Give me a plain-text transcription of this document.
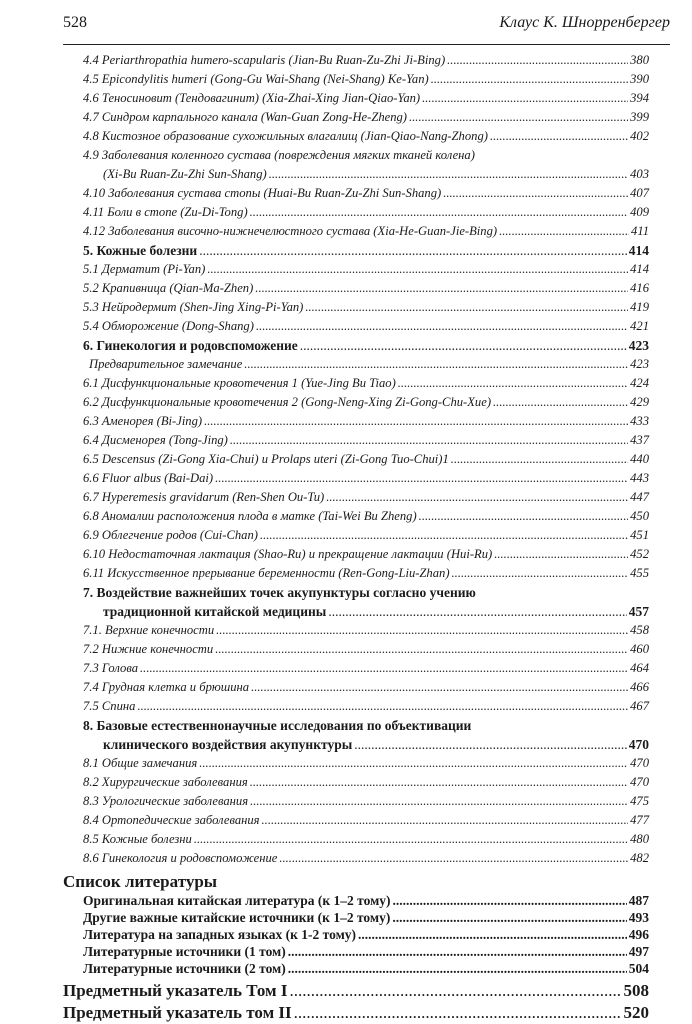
528	Клаус К. Шнорренбергер
4.4 Periarthropathia humero-scapularis (Jian-Bu Ruan-Zu-Zhi Ji-Bing) .....	380
4.5 Epicondylitis humeri (Gong-Gu Wai-Shang (Nei-Shang) Ke-Yan) .....	390
4.6 Теносиновит (Тендовагинит) (Xia-Zhai-Xing Jian-Qiao-Yan) .....	394
4.7 Синдром карпального канала (Wan-Guan Zong-He-Zheng) .....	399
4.8 Кистозное образование сухожильных влагалищ (Jian-Qiao-Nang-Zhong) .....	402
4.9 Заболевания коленного сустава (повреждения мягких тканей колена)
(Xi-Bu Ruan-Zu-Zhi Sun-Shang) .....	403
4.10 Заболевания сустава стопы (Huai-Bu Ruan-Zu-Zhi Sun-Shang) .....	407
4.11 Боли в стопе (Zu-Di-Tong) .....	409
4.12 Заболевания височно-нижнечелюстного сустава (Xia-He-Guan-Jie-Bing) .....	411
5. Кожные болезни .....	414
5.1 Дерматит (Pi-Yan) .....	414
5.2 Крапивница (Qian-Ma-Zhen) .....	416
5.3 Нейродермит (Shen-Jing Xing-Pi-Yan) .....	419
5.4 Обморожение (Dong-Shang) .....	421
6. Гинекология и родовспоможение .....	423
Предварительное замечание .....	423
6.1 Дисфункциональные кровотечения 1 (Yue-Jing Bu Tiao) .....	424
6.2 Дисфункциональные кровотечения 2 (Gong-Neng-Xing Zi-Gong-Chu-Xue) .....	429
6.3 Аменорея (Bi-Jing) .....	433
6.4 Дисменорея (Tong-Jing) .....	437
6.5 Descensus (Zi-Gong Xia-Chui) и Prolaps uteri (Zi-Gong Tuo-Chui)1 .....	440
6.6 Fluor albus (Bai-Dai) .....	443
6.7 Hyperemesis gravidarum (Ren-Shen Ou-Tu) .....	447
6.8 Аномалии расположения плода в матке (Tai-Wei Bu Zheng) .....	450
6.9 Облегчение родов (Cui-Chan) .....	451
6.10 Недостаточная лактация (Shao-Ru) и прекращение лактации (Hui-Ru) .....	452
6.11 Искусственное прерывание беременности (Ren-Gong-Liu-Zhan) .....	455
7. Воздействие важнейших точек акупунктуры согласно учению
традиционной китайской медицины .....	457
7.1. Верхние конечности .....	458
7.2 Нижние конечности .....	460
7.3 Голова .....	464
7.4 Грудная клетка и брюшина .....	466
7.5 Спина .....	467
8. Базовые естественнонаучные исследования по объективации
клинического воздействия акупунктуры .....	470
8.1 Общие замечания .....	470
8.2 Хирургические заболевания .....	470
8.3 Урологические заболевания .....	475
8.4 Ортопедические заболевания .....	477
8.5 Кожные болезни .....	480
8.6 Гинекология и родовспоможение .....	482
Список литературы
Оригинальная китайская литература (к 1–2 тому) .....	487
Другие важные китайские источники (к 1–2 тому) .....	493
Литература на западных языках (к 1-2 тому) .....	496
Литературные источники (1 том) .....	497
Литературные источники (2 том) .....	504
Предметный указатель Том I .....	508
Предметный указатель том II .....	520
